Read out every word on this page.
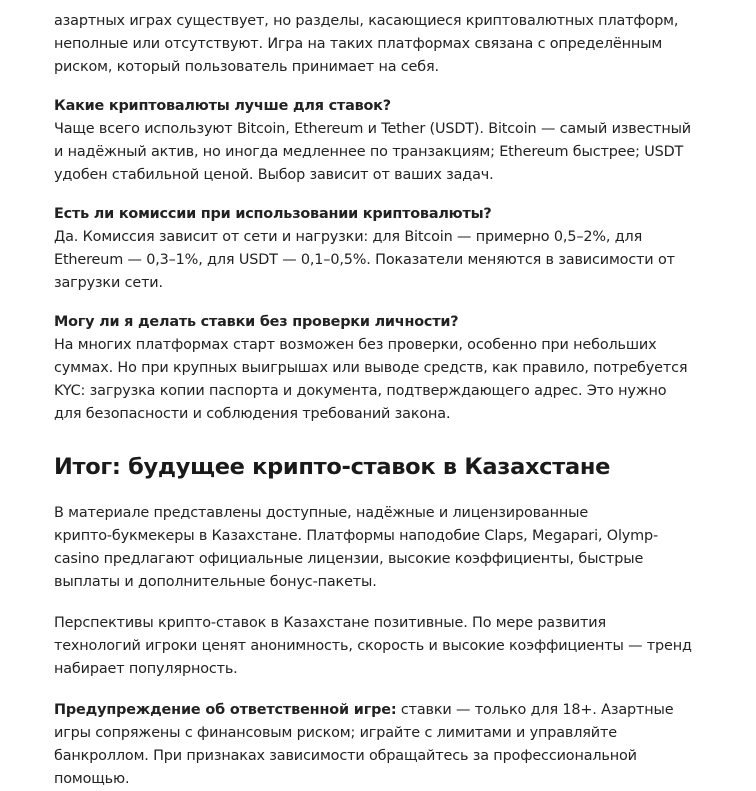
азартных играх существует, но разделы, касающиеся криптовалютных платформ, неполные или отсутствуют. Игра на таких платформах связана с определённым риском, который пользователь принимает на себя.

Какие криптовалюты лучше для ставок?

Чаще всего используют Bitcoin, Ethereum и Tether (USDT). Bitcoin — самый известный и надёжный актив, но иногда медленнее по транзакциям; Ethereum быстрее; USDT удобен стабильной ценой. Выбор зависит от ваших задач.

Есть ли комиссии при использовании криптовалюты?

Да. Комиссия зависит от сети и нагрузки: для Bitcoin — примерно 0,5–2%, для Ethereum — 0,3–1%, для USDT — 0,1–0,5%. Показатели меняются в зависимости от загрузки сети.

Могу ли я делать ставки без проверки личности?

На многих платформах старт возможен без проверки, особенно при небольших суммах. Но при крупных выигрышах или выводе средств, как правило, потребуется KYC: загрузка копии паспорта и документа, подтверждающего адрес. Это нужно для безопасности и соблюдения требований закона.

Итог: будущее крипто-ставок в Казахстане

В материале представлены доступные, надёжные и лицензированные
крипто-букмекеры в Казахстане. Платформы наподобие Claps, Megapari, Olymp-casino предлагают официальные лицензии, высокие коэффициенты, быстрые выплаты и дополнительные бонус-пакеты.

Перспективы крипто-ставок в Казахстане позитивные. По мере развития технологий игроки ценят анонимность, скорость и высокие коэффициенты — тренд набирает популярность.

Предупреждение об ответственной игре: ставки — только для 18+. Азартные игры сопряжены с финансовым риском; играйте с лимитами и управляйте банкроллом. При признаках зависимости обращайтесь за профессиональной помощью.
